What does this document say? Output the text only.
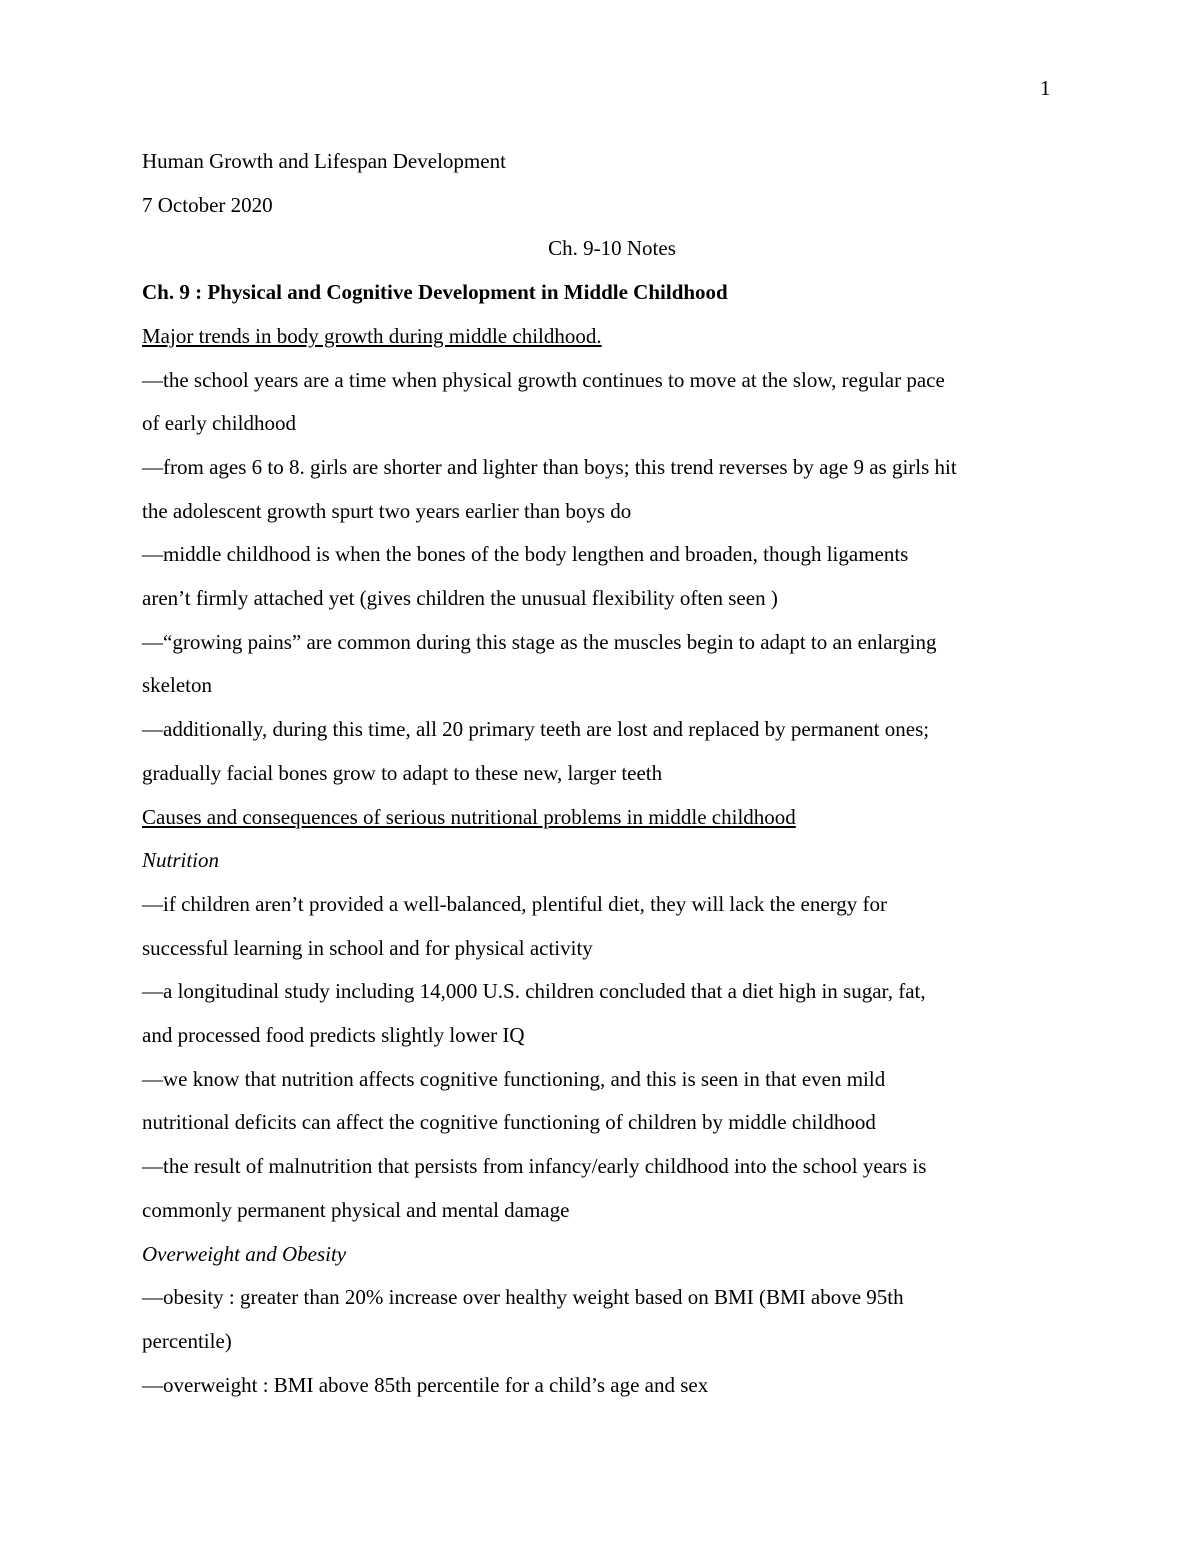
1
Human Growth and Lifespan Development
7 October 2020
Ch. 9-10 Notes
Ch. 9 : Physical and Cognitive Development in Middle Childhood
Major trends in body growth during middle childhood.
—the school years are a time when physical growth continues to move at the slow, regular pace
of early childhood
—from ages 6 to 8. girls are shorter and lighter than boys; this trend reverses by age 9 as girls hit
the adolescent growth spurt two years earlier than boys do
—middle childhood is when the bones of the body lengthen and broaden, though ligaments
aren’t firmly attached yet (gives children the unusual flexibility often seen )
—“growing pains” are common during this stage as the muscles begin to adapt to an enlarging
skeleton
—additionally, during this time, all 20 primary teeth are lost and replaced by permanent ones;
gradually facial bones grow to adapt to these new, larger teeth
Causes and consequences of serious nutritional problems in middle childhood
Nutrition
—if children aren’t provided a well-balanced, plentiful diet, they will lack the energy for
successful learning in school and for physical activity
—a longitudinal study including 14,000 U.S. children concluded that a diet high in sugar, fat,
and processed food predicts slightly lower IQ
—we know that nutrition affects cognitive functioning, and this is seen in that even mild
nutritional deficits can affect the cognitive functioning of children by middle childhood
—the result of malnutrition that persists from infancy/early childhood into the school years is
commonly permanent physical and mental damage
Overweight and Obesity
—obesity : greater than 20% increase over healthy weight based on BMI (BMI above 95th
percentile)
—overweight : BMI above 85th percentile for a child’s age and sex
